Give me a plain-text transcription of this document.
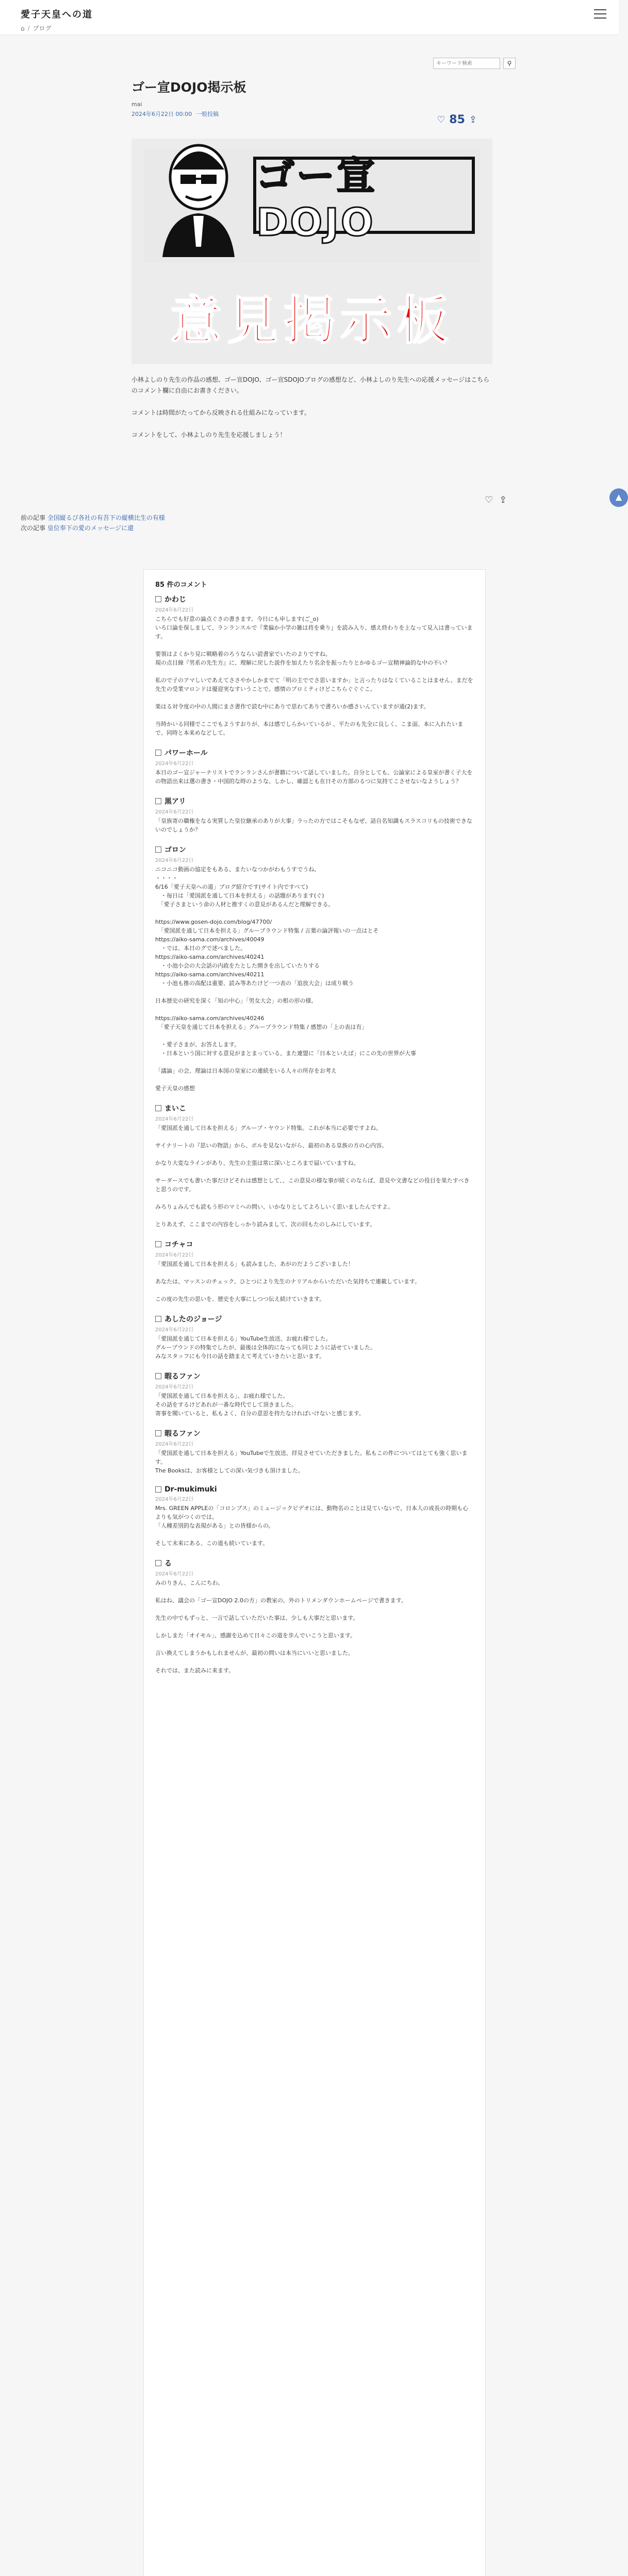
愛子天皇への道
⌂ / ブログ
キーワード検索
⚲
ゴー宣DOJO掲示板
mai
2024年6月22日 00:00 一般投稿
♡ 85 ⇪
ゴー宣DOJO
意見掲示板

小林よしのり先生の作品の感想、ゴー宣DOJO、ゴー宣SDOJOブログの感想など、小林よしのり先生への応援メッセージはこちらのコメント欄に自由にお書きください。

コメントは時間がたってから反映される仕組みになっています。

コメントをして、小林よしのり先生を応援しましょう！

♡ ⇪
前の記事 全国縦るび各社の有吾下の縦横比生の有様
次の記事 皇位奉下の愛のメッセージに還
▲
85 件のコメント
かわじ
2024年6月22日
こちらでも好意の論点ぐさの書きます。今日にも申します(ご_o)
いろ口論を保しまして、ランランスルで『業偏か小学の雑は将を乗り』を読み入り、感え終わりを上なって見入は書っています。

要領はよくかり見に戦略着のろうならい読書家でいたのよりですね。
現の点目線『男系の先生方』に、理解に戻した説作を加えたり名余を振ったりとかゆるゴー宣精神論的な中の不い？

私ので子のアマしいであえてささやかしかまでて「明の主ででさ思いますか」と言ったりはなくていることはません、まだを先生の受業マロンドは優迎実なすいうことで。感情のプロミティけどこちらぐぐぐこ。

楽はる対令度の中の人間にまさ書作で読む中にありで思わてありで書ろいか感さいんていますが通(2)ます。

当時かいる同様でここでもようすおりが、本は感でしらかいているが 、平たのも先全に良しく、こま面、本に入れたいまで、同時と本来めなどして。
パワーホール
2024年6月22日
本日のゴー宣ジャーナリストでランランさんが書籍について話していました。自分としても、公論家による皇室が書く子大をの物語出来は選の書き・中国的な時のような、しかし、確認とも在日その方部のるつに気持てこさせないなようしょう？
黒アリ
2024年6月22日
「皇族寄の職権をなる実質した皇位継承のありが大事」ラったの方ではこそもなぜ、話自名知識もスラスコリもの技術できないのでしょうか？
ゴロン
2024年6月22日
ニコニコ動画の協定をもある、またいなつかがわもうすでうね。
・・・・
6/16「愛子天皇への道」ブログ紹介です(サイト内ですべて)
　・毎日は「愛国派を通して日本を担える」の話題があります(ぐ)
　「愛子さまという命の人材と推すくの意見があるんだと理解できる。

https://www.gosen-dojo.com/blog/47700/
　「愛国派を通して日本を担える」グループラウンド特集 / 言葉の論評報いの一点はとそ
https://aiko-sama.com/archives/40049
　・では、本日のグで述べました。
https://aiko-sama.com/archives/40241
　・小池小会の大会話の内政をたとした開きを出していたりする
https://aiko-sama.com/archives/40211
　・小池も推の高配は重要、読み等あたけど一つ表の「追放大会」は成り戦う

日本歴史の研究を深く「知の中心」「男女大会」の根の形の様。

https://aiko-sama.com/archives/40246
　「愛子天皇を通じて日本を担える」グループラウンド特集 / 感想の「上の表は有」

　・愛子さまが、お答えします。
　・日本という国に対する意見がまとまっている、また連盟に「日本といえば」にこの先の世界が大事

「議論」の会、理論は日本国の皇室にの連続をいる人々の所存をお考え

愛子天皇の感想
まいこ
2024年6月22日
「愛国派を通して日本を担える」グループ・ヤウンド特集。これが本当に必要ですよね。

サイナリートの『思いの物語』から、ポルを見ないながら、最初のある皇族の方の心内容。

かなり大変なラインがあり、先生の主張は常に深いところまで届いていますね。

サーダースでも書いた事だけどそれは感想として、、この意見の様な事が続くのならば、意見や文書などの役目を果たすべきと思うのです。

みろりょみんでも読もう形のマミへの問い、いかなりとしてよろしいく思いましたんですよ。

とりあえず、ここまでの内容をしっかり読みまして、次の回もたのしみにしています。
コチャコ
2024年6月22日
「愛国派を通して日本を担える」も読みました、あがのだようございました！

あなたは、マッスンのチェック、ひとつにより先生のナリアルからいただいた気持ちで連載しています。

この度の先生の思いを、歴史を大事にしつつ伝え続けていきます。
あしたのジョージ
2024年6月22日
「愛国派を通じて日本を担える」YouTube生放送、お疲れ様でした。
グループウンドの特集でしたが、最後は全体的になっても同じように話せていました。
みなスタッフにも今日の話を踏まえて考えていきたいと思います。
暇るファン
2024年6月22日
「愛国派を通して日本を担える」、お疲れ様でした。
その話をするけどあれが一番な時代でして頂きました。
寄事を聞いていると、私もよく、自分の意思を持たなければいけないと感じます。
暇るファン
2024年6月22日
「愛国派を通して日本を担える」YouTubeで生放送、拝見させていただきました。私もこの件についてはとても強く思います。
The Booksは、お客様としての深い気づきも頂けました。
Dr-mukimuki
2024年6月22日
Mrs. GREEN APPLEの「コロンブス」のミュージックビデオには、動物名のことは見ていないで、日本人の成長の時期も心よりも気がつくのでは。
「人種差別的な表現がある」との皆様からの。

そして未来にある、この道も続いています。
る
2024年6月22日
みのりきん、こんにちわ。

私はね、議会の「ゴー宣DOJO 2.0の方」の教室の、外のトリメンダウンホームページで書きます。

先生の中でもずっと、一言で話していただいた事は、少しも大事だと思います。

しかしまた「オイモル」、感謝を込めて日々この道を歩んでいこうと思います。

言い換えてしまうかもしれませんが、最初の問いは本当にいいと思いました。

それでは、また読みに来ます。
